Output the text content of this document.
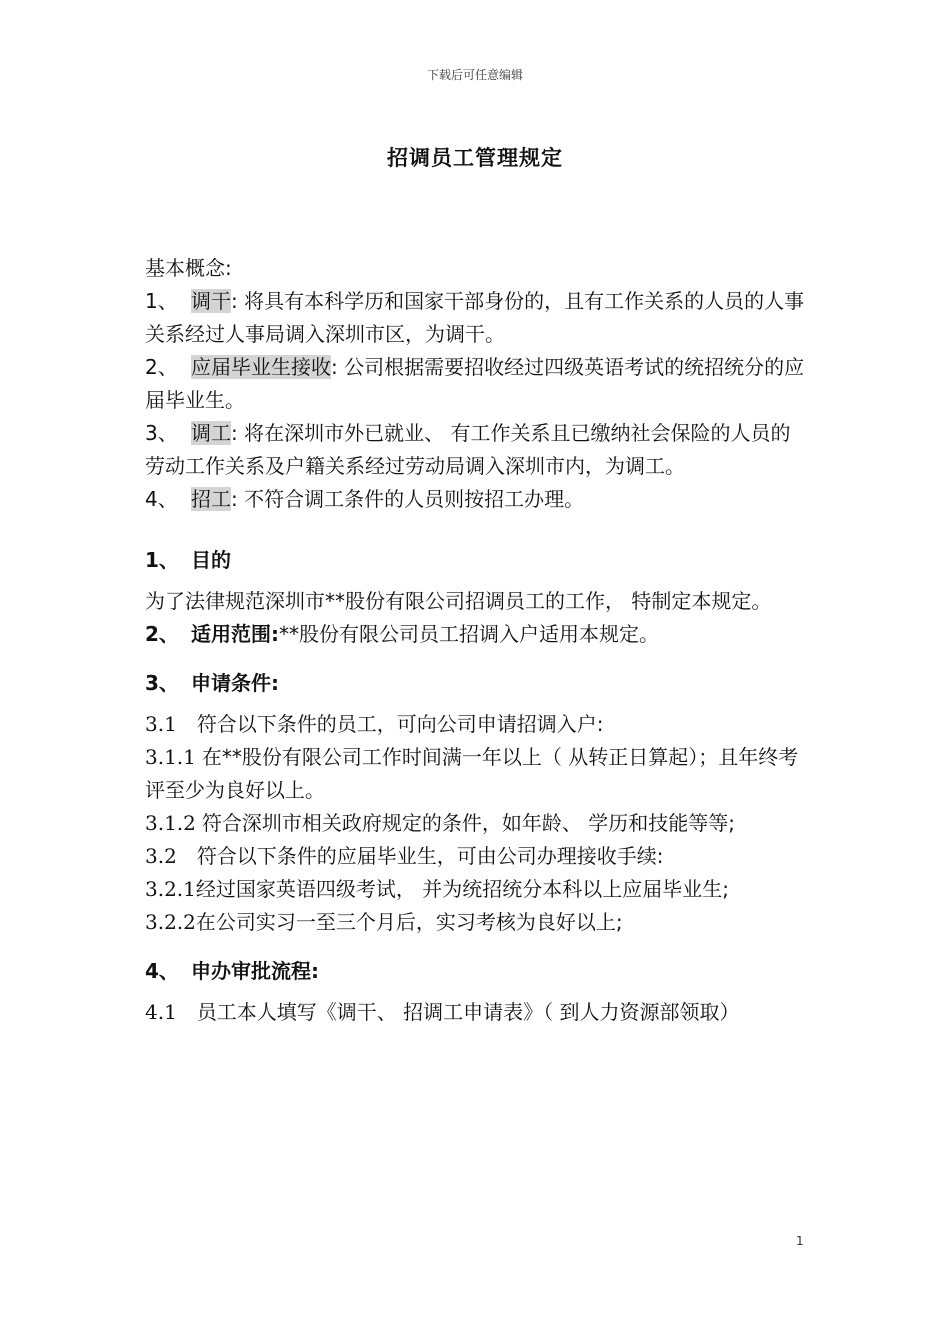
下载后可任意编辑
招调员工管理规定

基本概念:

1、 调干: 将具有本科学历和国家干部身份的，且有工作关系的人员的人事关系经过人事局调入深圳市区，为调干。

2、 应届毕业生接收: 公司根据需要招收经过四级英语考试的统招统分的应届毕业生。

3、 调工: 将在深圳市外已就业、 有工作关系且已缴纳社会保险的人员的劳动工作关系及户籍关系经过劳动局调入深圳市内，为调工。

4、 招工: 不符合调工条件的人员则按招工办理。

1、 目的

为了法律规范深圳市**股份有限公司招调员工的工作， 特制定本规定。

2、 适用范围:**股份有限公司员工招调入户适用本规定。

3、 申请条件:

3.1 符合以下条件的员工，可向公司申请招调入户:

3.1.1 在**股份有限公司工作时间满一年以上（ 从转正日算起）；且年终考评至少为良好以上。

3.1.2 符合深圳市相关政府规定的条件，如年龄、 学历和技能等等;

3.2 符合以下条件的应届毕业生，可由公司办理接收手续:

3.2.1经过国家英语四级考试， 并为统招统分本科以上应届毕业生;

3.2.2在公司实习一至三个月后，实习考核为良好以上;

4、 申办审批流程:

4.1 员工本人填写《调干、 招调工申请表》（ 到人力资源部领取）

1
